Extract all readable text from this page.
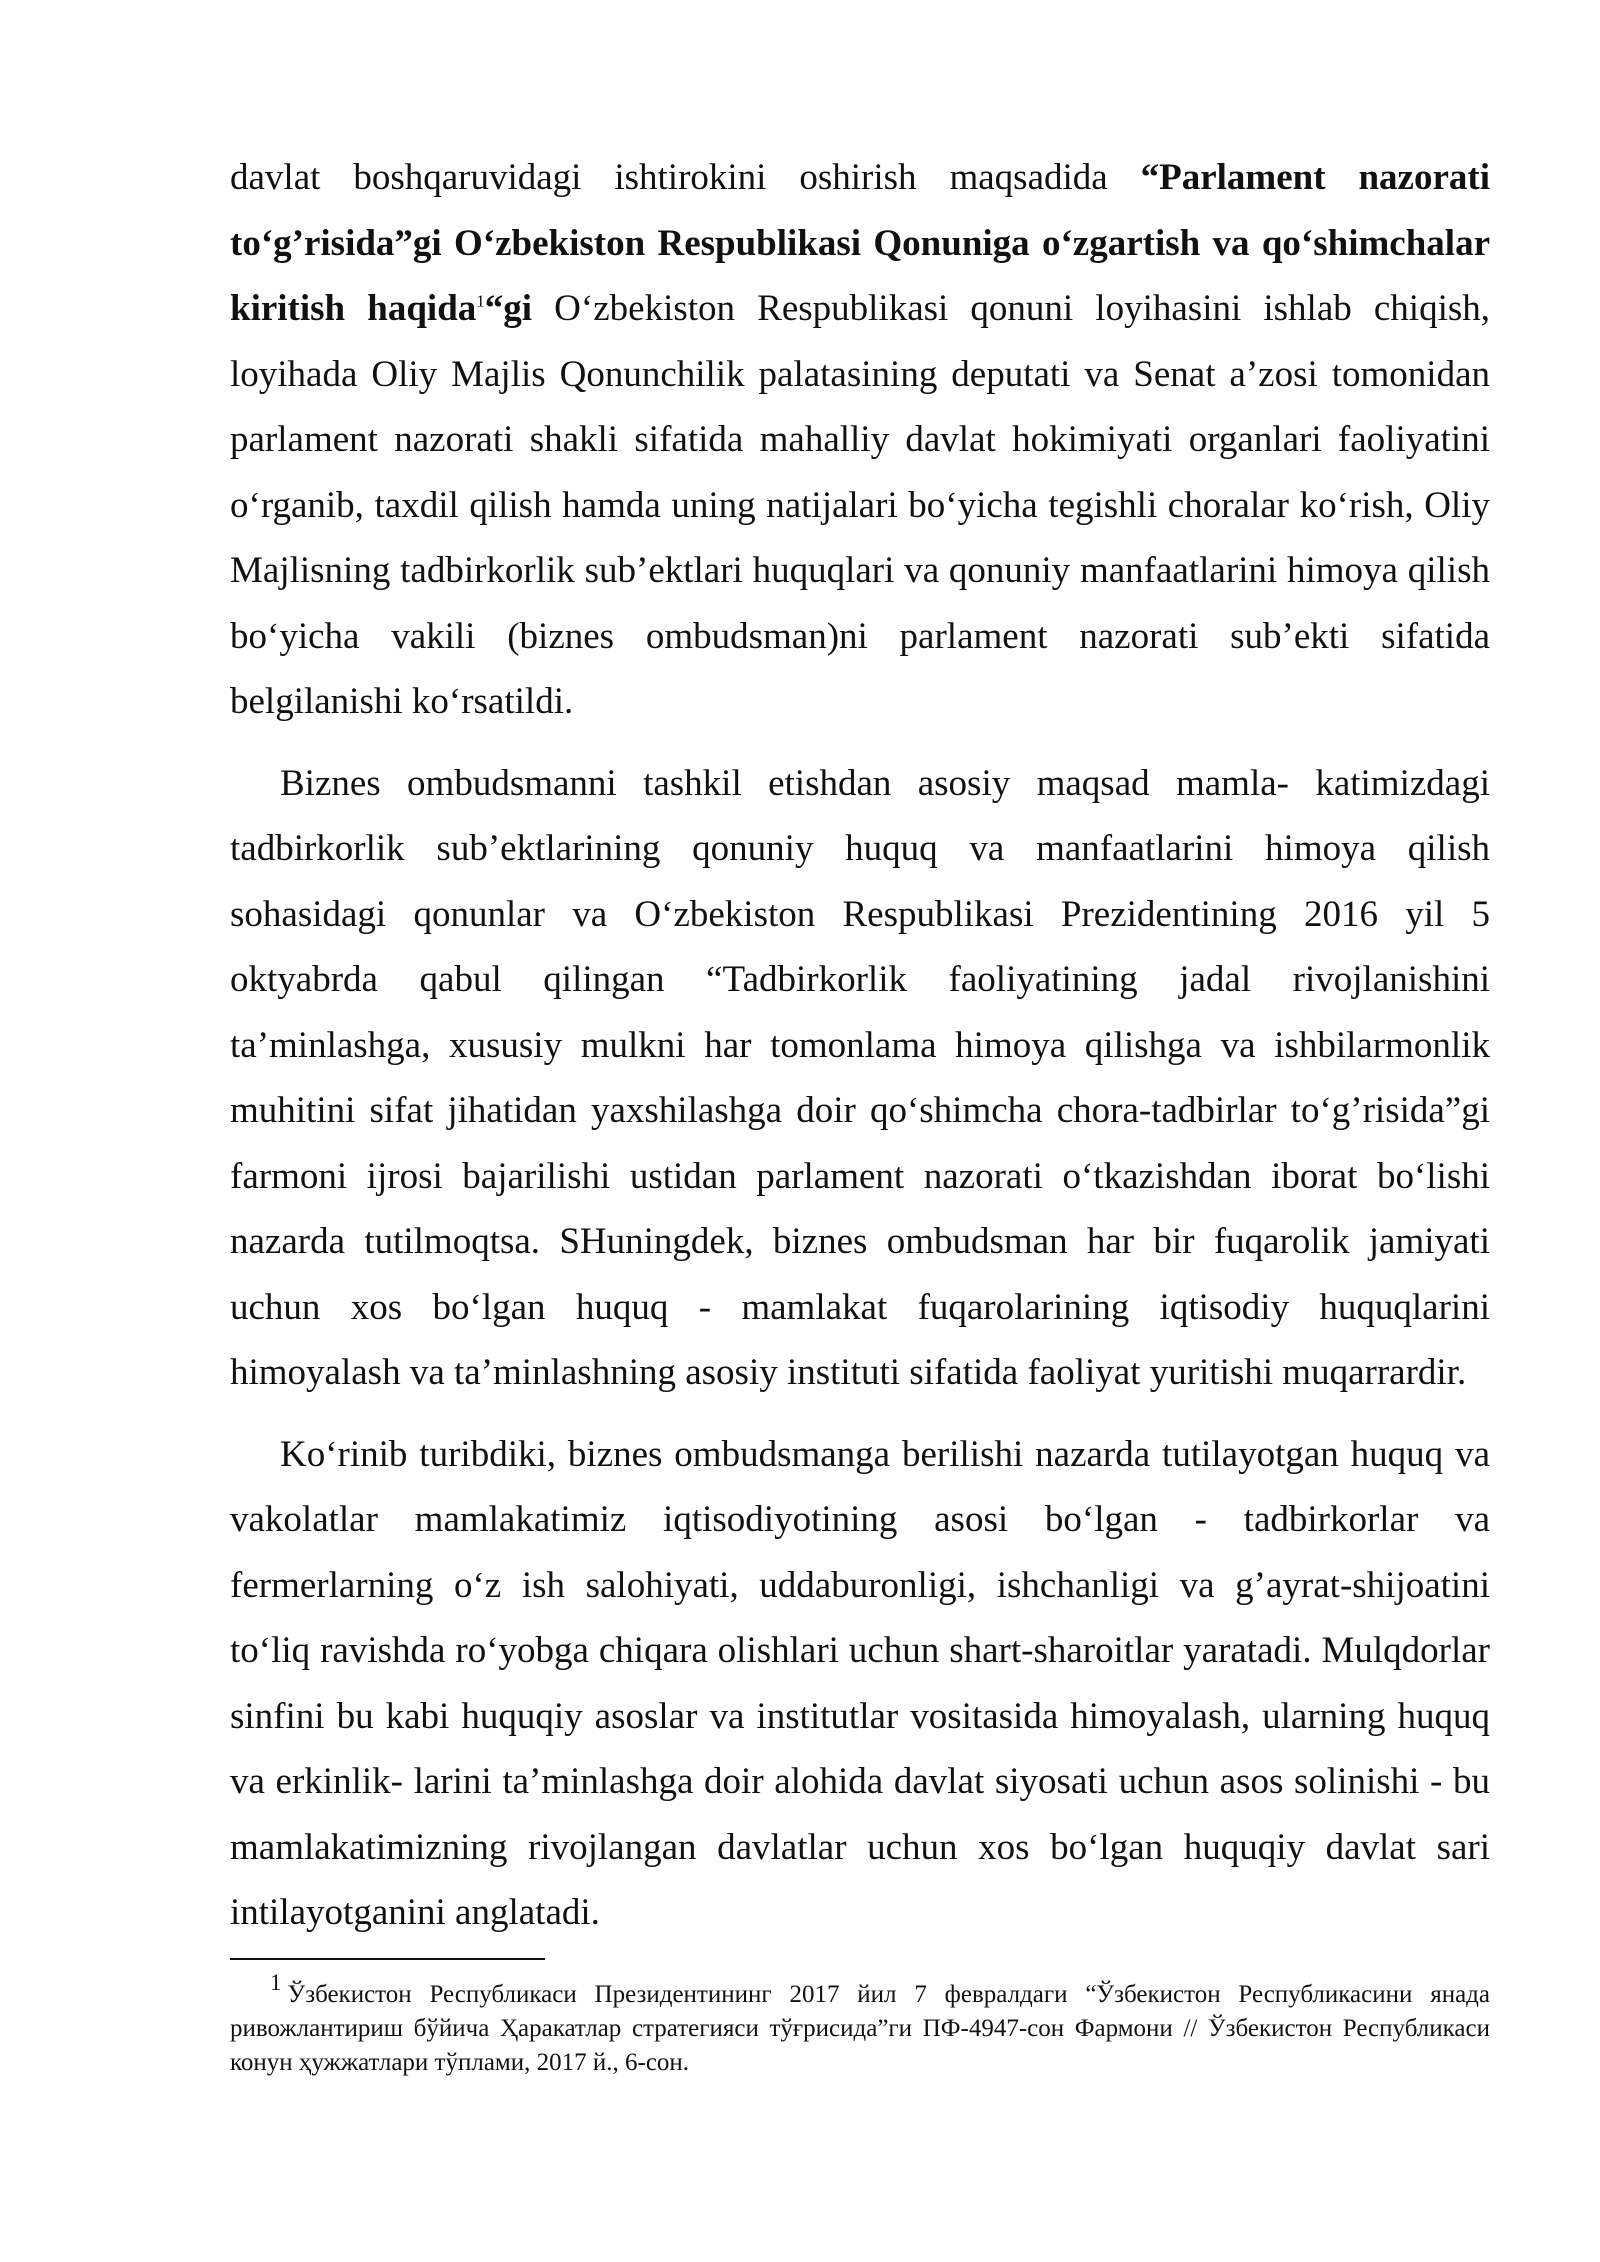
davlat boshqaruvidagi ishtirokini oshirish maqsadida “Parlament nazorati to‘g’risida”gi O‘zbekiston Respublikasi Qonuniga o‘zgartish va qo‘shimchalar kiritish haqida$^1$“gi O‘zbekiston Respublikasi qonuni loyihasini ishlab chiqish, loyihada Oliy Majlis Qonunchilik palatasining deputati va Senat a’zosi tomonidan parlament nazorati shakli sifatida mahalliy davlat hokimiyati organlari faoliyatini o‘rganib, taxdil qilish hamda uning natijalari bo‘yicha tegishli choralar ko‘rish, Oliy Majlisning tadbirkorlik sub’ektlari huquqlari va qonuniy manfaatlarini himoya qilish bo‘yicha vakili (biznes ombudsman)ni parlament nazorati sub’ekti sifatida belgilanishi ko‘rsatildi.

Biznes ombudsmanni tashkil etishdan asosiy maqsad mamla- katimizdagi tadbirkorlik sub’ektlarining qonuniy huquq va manfaatlarini himoya qilish sohasidagi qonunlar va O‘zbekiston Respublikasi Prezidentining 2016 yil 5 oktyabrda qabul qilingan “Tadbirkorlik faoliyatining jadal rivojlanishini ta’minlashga, xususiy mulkni har tomonlama himoya qilishga va ishbilarmonlik muhitini sifat jihatidan yaxshilashga doir qo‘shimcha chora-tadbirlar to‘g’risida”gi farmoni ijrosi bajarilishi ustidan parlament nazorati o‘tkazishdan iborat bo‘lishi nazarda tutilmoqtsa. SHuningdek, biznes ombudsman har bir fuqarolik jamiyati uchun xos bo‘lgan huquq - mamlakat fuqarolarining iqtisodiy huquqlarini himoyalash va ta’minlashning asosiy instituti sifatida faoliyat yuritishi muqarrardir.

Ko‘rinib turibdiki, biznes ombudsmanga berilishi nazarda tutilayotgan huquq va vakolatlar mamlakatimiz iqtisodiyotining asosi bo‘lgan - tadbirkorlar va fermerlarning o‘z ish salohiyati, uddaburonligi, ishchanligi va g’ayrat-shijoatini to‘liq ravishda ro‘yobga chiqara olishlari uchun shart-sharoitlar yaratadi. Mulqdorlar sinfini bu kabi huquqiy asoslar va institutlar vositasida himoyalash, ularning huquq va erkinlik- larini ta’minlashga doir alohida davlat siyosati uchun asos solinishi - bu mamlakatimizning rivojlangan davlatlar uchun xos bo‘lgan huquqiy davlat sari intilayotganini anglatadi.

1 Ўзбекистон Республикаси Президентининг 2017 йил 7 февралдаги “Ўзбекистон Республикасини янада ривожлантириш бўйича Ҳаракатлар стратегияси тўғрисида”ги ПФ-4947-сон Фармони // Ўзбекистон Республикаси конун ҳужжатлари тўплами, 2017 й., 6-сон.
